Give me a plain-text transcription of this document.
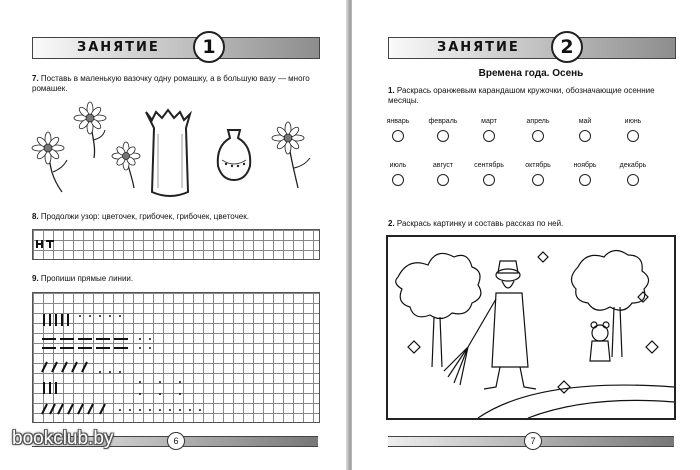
ЗАНЯТИЕ	1
7. Поставь в маленькую вазочку одну ромашку, а в большую вазу — много ромашек.
8. Продолжи узор: цветочек, грибочек, грибочек, цветочек.
9. Пропиши прямые линии.
6
ЗАНЯТИЕ	2
Времена года. Осень
1. Раскрась оранжевым карандашом кружочки, обозначающие осенние месяцы.
январь	февраль	март	апрель	май	июнь
июль	август	сентябрь	октябрь	ноябрь	декабрь
2. Раскрась картинку и составь рассказ по ней.
7
bookclub.by
